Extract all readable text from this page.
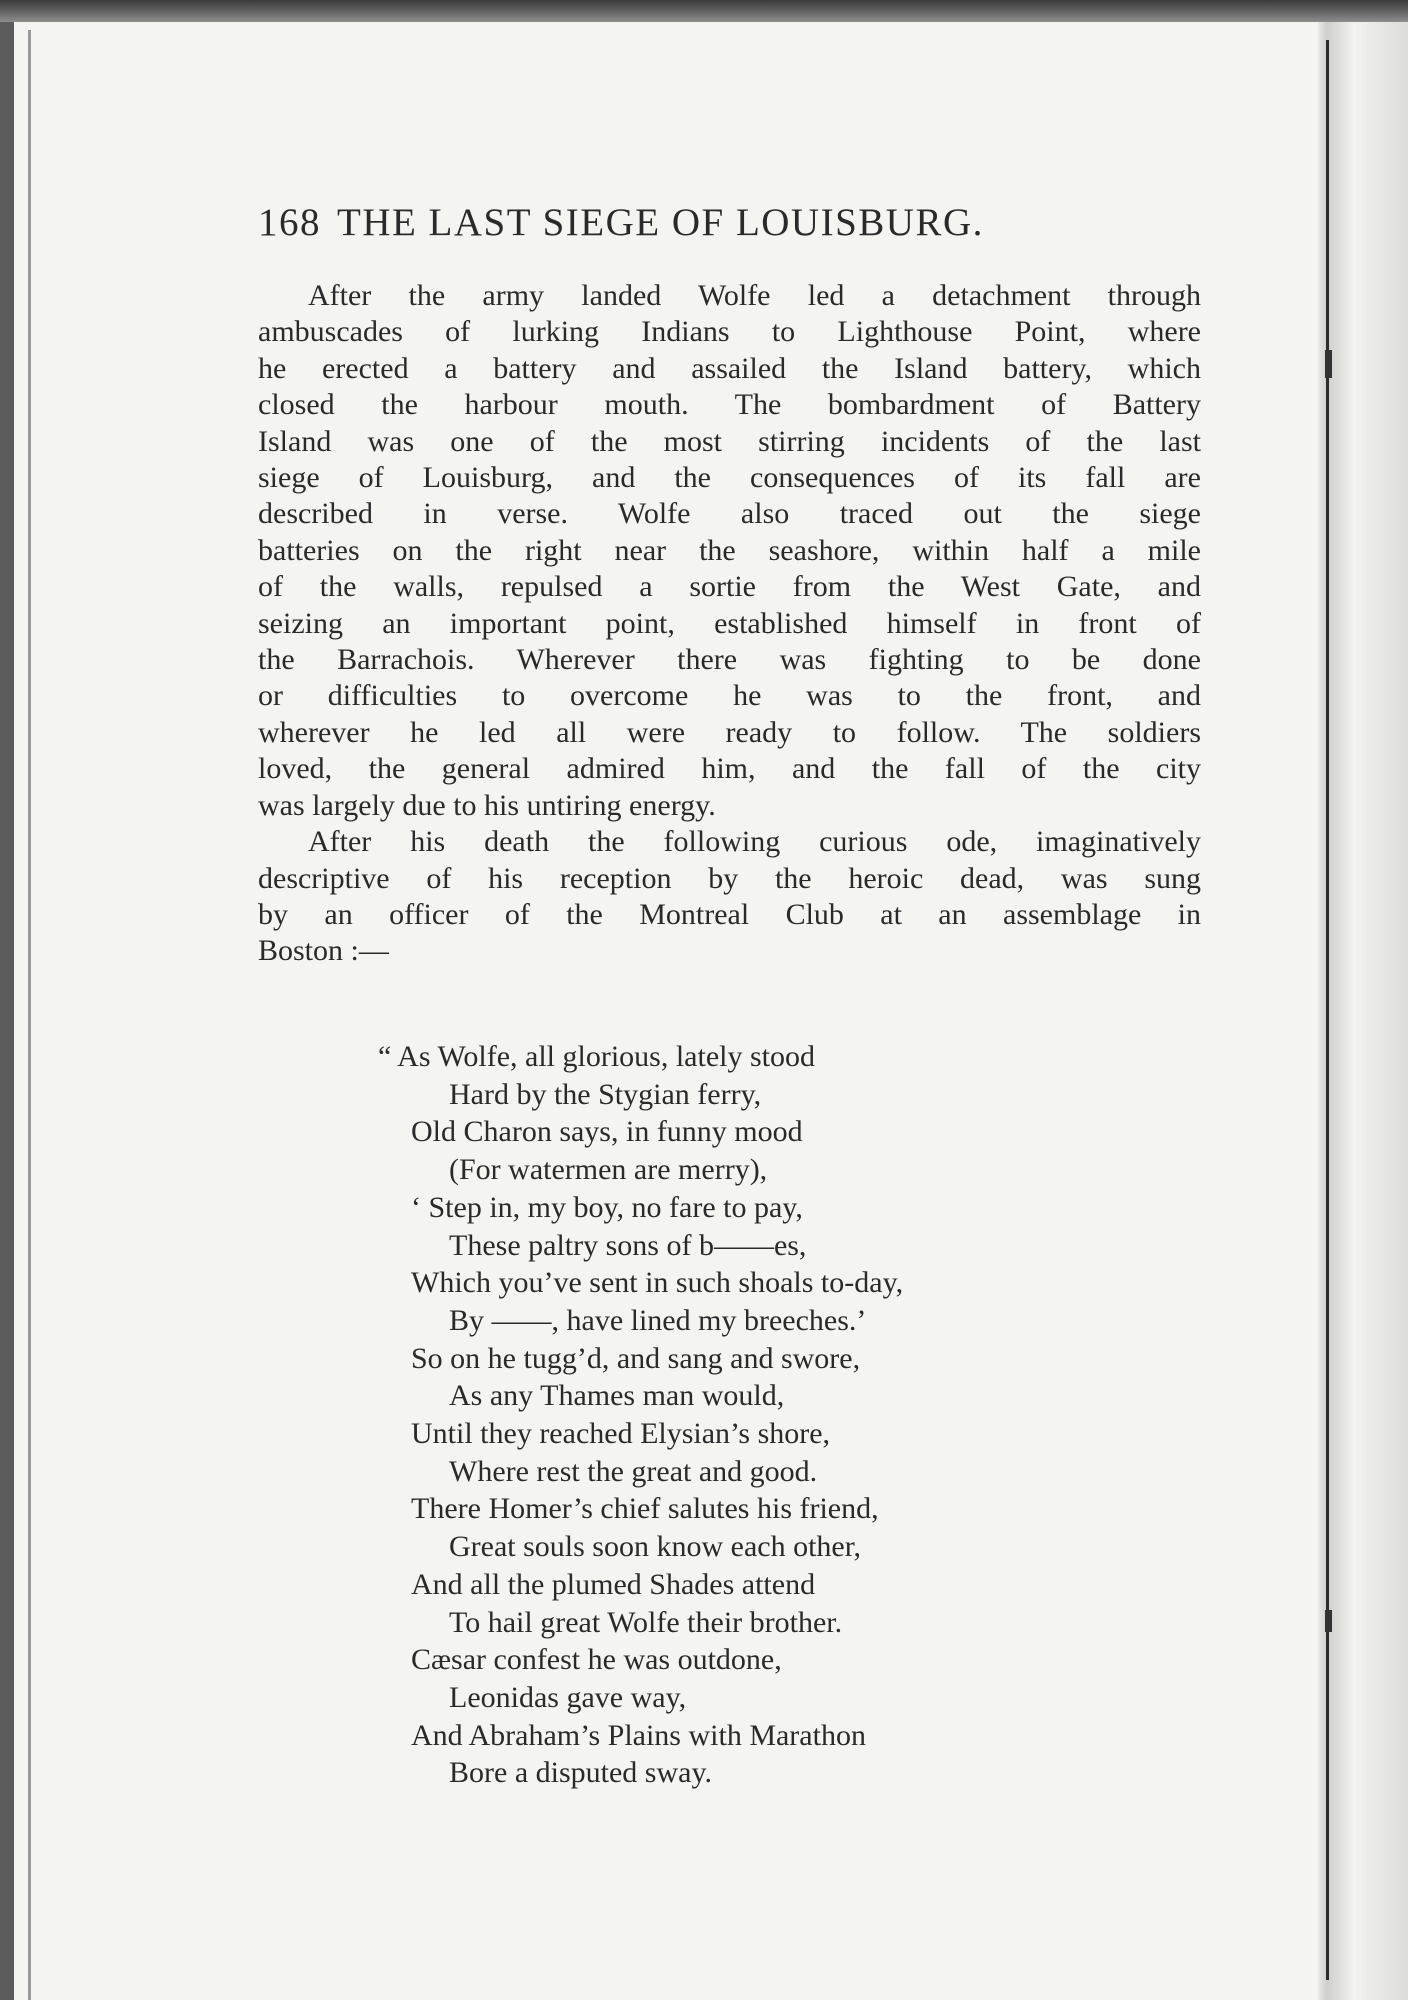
168 THE LAST SIEGE OF LOUISBURG.
After the army landed Wolfe led a detachment through
ambuscades of lurking Indians to Lighthouse Point, where
he erected a battery and assailed the Island battery, which
closed the harbour mouth. The bombardment of Battery
Island was one of the most stirring incidents of the last
siege of Louisburg, and the consequences of its fall are
described in verse. Wolfe also traced out the siege
batteries on the right near the seashore, within half a mile
of the walls, repulsed a sortie from the West Gate, and
seizing an important point, established himself in front of
the Barrachois. Wherever there was fighting to be done
or difficulties to overcome he was to the front, and
wherever he led all were ready to follow. The soldiers
loved, the general admired him, and the fall of the city
was largely due to his untiring energy.
After his death the following curious ode, imaginatively
descriptive of his reception by the heroic dead, was sung
by an officer of the Montreal Club at an assemblage in
Boston :—
“ As Wolfe, all glorious, lately stood
Hard by the Stygian ferry,
Old Charon says, in funny mood
(For watermen are merry),
‘ Step in, my boy, no fare to pay,
These paltry sons of b——es,
Which you’ve sent in such shoals to-day,
By ——, have lined my breeches.’
So on he tugg’d, and sang and swore,
As any Thames man would,
Until they reached Elysian’s shore,
Where rest the great and good.
There Homer’s chief salutes his friend,
Great souls soon know each other,
And all the plumed Shades attend
To hail great Wolfe their brother.
Cæsar confest he was outdone,
Leonidas gave way,
And Abraham’s Plains with Marathon
Bore a disputed sway.
